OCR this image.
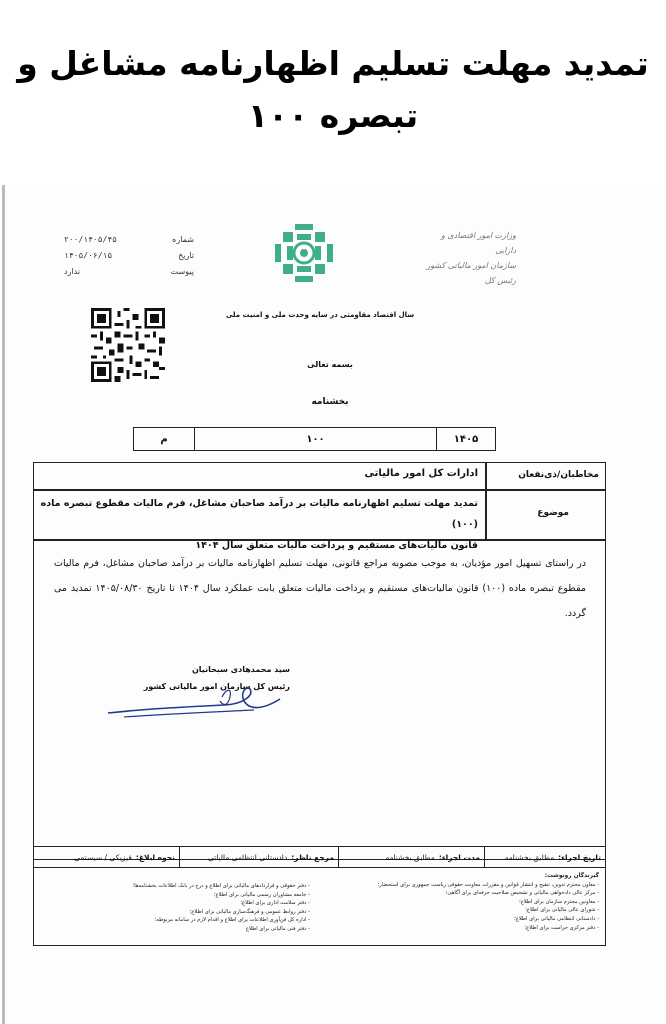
تمدید مهلت تسلیم اظهارنامه مشاغل و
تبصره ۱۰۰
وزارت امور اقتصادی و دارایی
سازمان امور مالیاتی کشور
رئیس کل
شماره
۲۰۰/۱۴۰۵/۴۵
تاریخ
۱۴۰۵/۰۶/۱۵
پیوست
ندارد
سال اقتصاد مقاومتی در سایه وحدت ملی و امنیت ملی
بسمه تعالی
بخشنامه
۱۴۰۵
۱۰۰
م
مخاطبان/ذی‌نفعان
ادارات کل امور مالیاتی
موضوع
تمدید مهلت تسلیم اظهارنامه مالیات بر درآمد صاحبان مشاغل، فرم مالیات مقطوع تبصره ماده (۱۰۰)
قانون مالیات‌های مستقیم و پرداخت مالیات متعلق سال ۱۴۰۴
در راستای تسهیل امور مؤدیان، به موجب مصوبه مراجع قانونی، مهلت تسلیم اظهارنامه مالیات بر درآمد صاحبان مشاغل، فرم مالیات مقطوع تبصره ماده (۱۰۰) قانون مالیات‌های مستقیم و پرداخت مالیات متعلق بابت عملکرد سال ۱۴۰۴ تا تاریخ ۱۴۰۵/۰۸/۳۰ تمدید می گردد.
سید محمدهادی سبحانیان
رئیس کل سازمان امور مالیاتی کشور
تاریخ اجراء:
مطابق بخشنامه
مدت اجراء:
مطابق بخشنامه
مرجع ناظر:
دادستانی انتظامی مالیاتی
نحوه ابلاغ:
فیزیکی / سیستمی
گیرندگان رونوشت:
- معاون محترم تدوین، تنقیح و انتشار قوانین و مقررات معاونت حقوقی ریاست جمهوری برای استحضار؛
- مرکز عالی دادخواهی مالیاتی و تشخیص صلاحیت حرفه‌ای برای آگاهی؛
- معاونین محترم سازمان برای اطلاع؛
- شورای عالی مالیاتی برای اطلاع؛
- دادستانی انتظامی مالیاتی برای اطلاع؛
- دفتر مرکزی حراست برای اطلاع؛
- دفتر حقوقی و قراردادهای مالیاتی برای اطلاع و درج در بانک اطلاعات بخشنامه‌ها؛
- جامعه مشاوران رسمی مالیاتی برای اطلاع؛
- دفتر سلامت اداری برای اطلاع؛
- دفتر روابط عمومی و فرهنگ‌سازی مالیاتی برای اطلاع؛
- اداره کل فن‌آوری اطلاعات برای اطلاع و اقدام لازم در سامانه مربوطه؛
- دفتر فنی مالیاتی برای اطلاع
